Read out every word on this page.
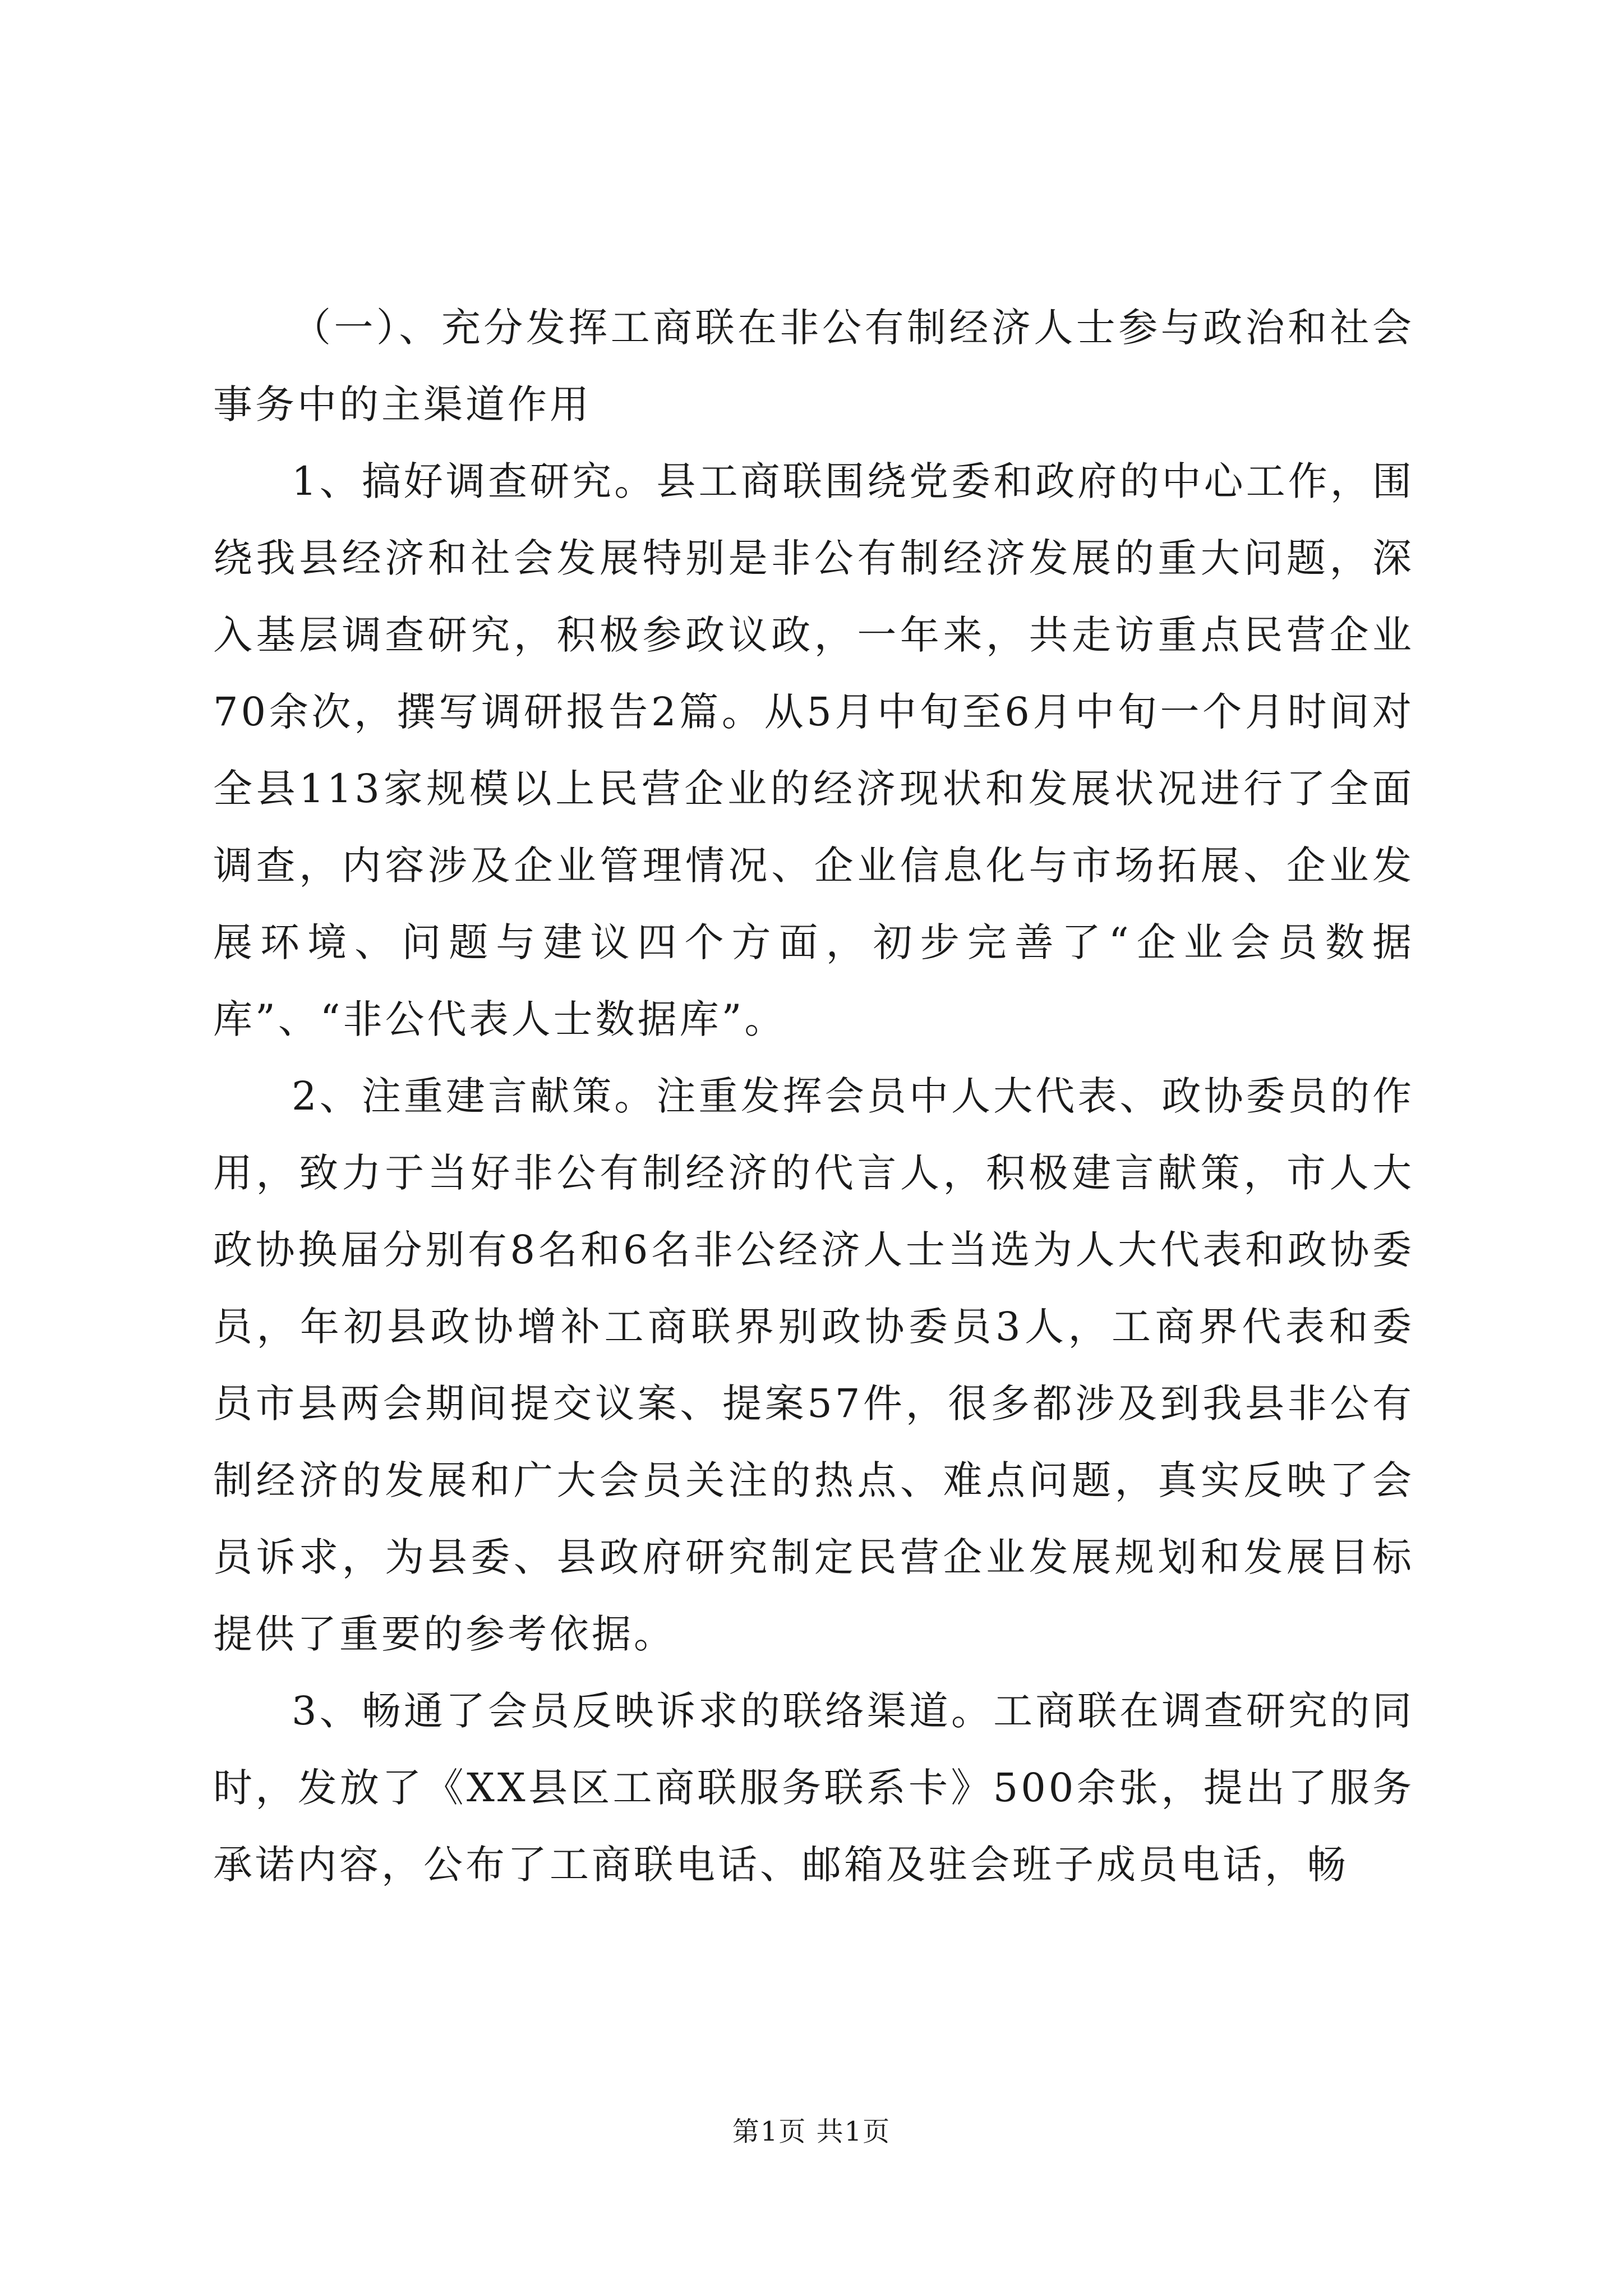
（一）、充分发挥工商联在非公有制经济人士参与政治和社会事务中的主渠道作用

1、搞好调查研究。县工商联围绕党委和政府的中心工作，围绕我县经济和社会发展特别是非公有制经济发展的重大问题，深入基层调查研究，积极参政议政，一年来，共走访重点民营企业70余次，撰写调研报告2篇。从5月中旬至6月中旬一个月时间对全县113家规模以上民营企业的经济现状和发展状况进行了全面调查，内容涉及企业管理情况、企业信息化与市场拓展、企业发展环境、问题与建议四个方面，初步完善了“企业会员数据库”、“非公代表人士数据库”。

2、注重建言献策。注重发挥会员中人大代表、政协委员的作用，致力于当好非公有制经济的代言人，积极建言献策，市人大政协换届分别有8名和6名非公经济人士当选为人大代表和政协委员，年初县政协增补工商联界别政协委员3人，工商界代表和委员市县两会期间提交议案、提案57件，很多都涉及到我县非公有制经济的发展和广大会员关注的热点、难点问题，真实反映了会员诉求，为县委、县政府研究制定民营企业发展规划和发展目标提供了重要的参考依据。

3、畅通了会员反映诉求的联络渠道。工商联在调查研究的同时，发放了《XX县区工商联服务联系卡》500余张，提出了服务承诺内容，公布了工商联电话、邮箱及驻会班子成员电话，畅

第1页 共1页
